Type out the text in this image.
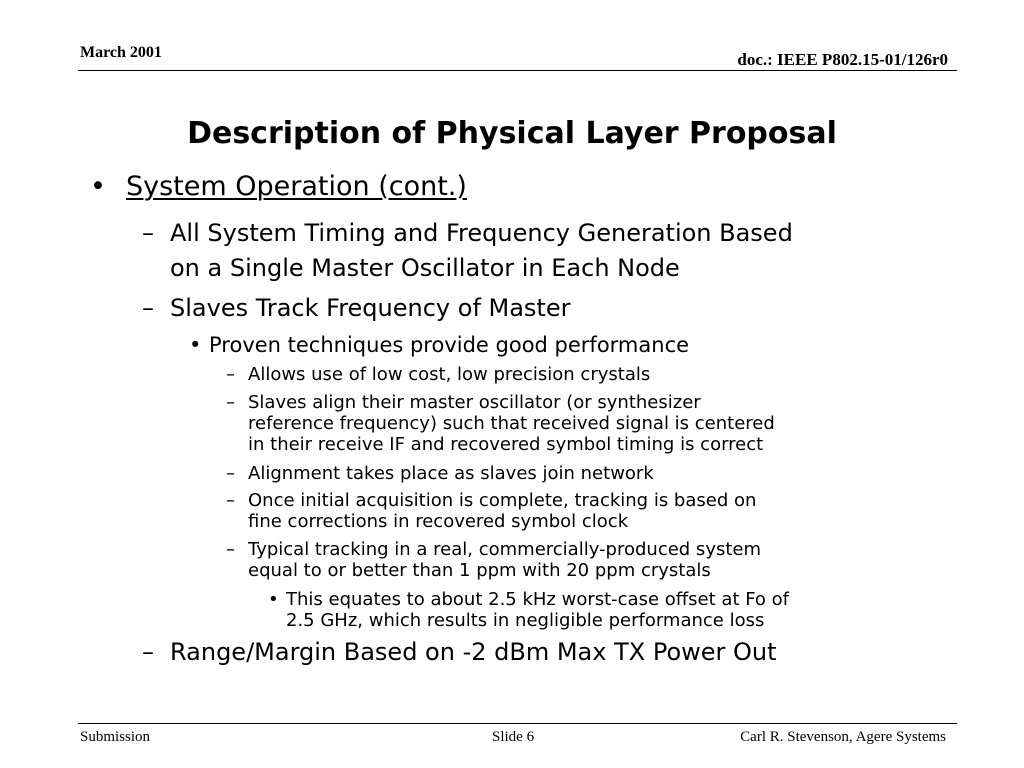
March 2001	doc.: IEEE P802.15-01/126r0
Description of Physical Layer Proposal
• System Operation (cont.)
– All System Timing and Frequency Generation Based
on a Single Master Oscillator in Each Node
– Slaves Track Frequency of Master
• Proven techniques provide good performance
– Allows use of low cost, low precision crystals
– Slaves align their master oscillator (or synthesizer
reference frequency) such that received signal is centered
in their receive IF and recovered symbol timing is correct
– Alignment takes place as slaves join network
– Once initial acquisition is complete, tracking is based on
fine corrections in recovered symbol clock
– Typical tracking in a real, commercially-produced system
equal to or better than 1 ppm with 20 ppm crystals
• This equates to about 2.5 kHz worst-case offset at Fo of
2.5 GHz, which results in negligible performance loss
– Range/Margin Based on -2 dBm Max TX Power Out
Submission	Slide 6	Carl R. Stevenson, Agere Systems
